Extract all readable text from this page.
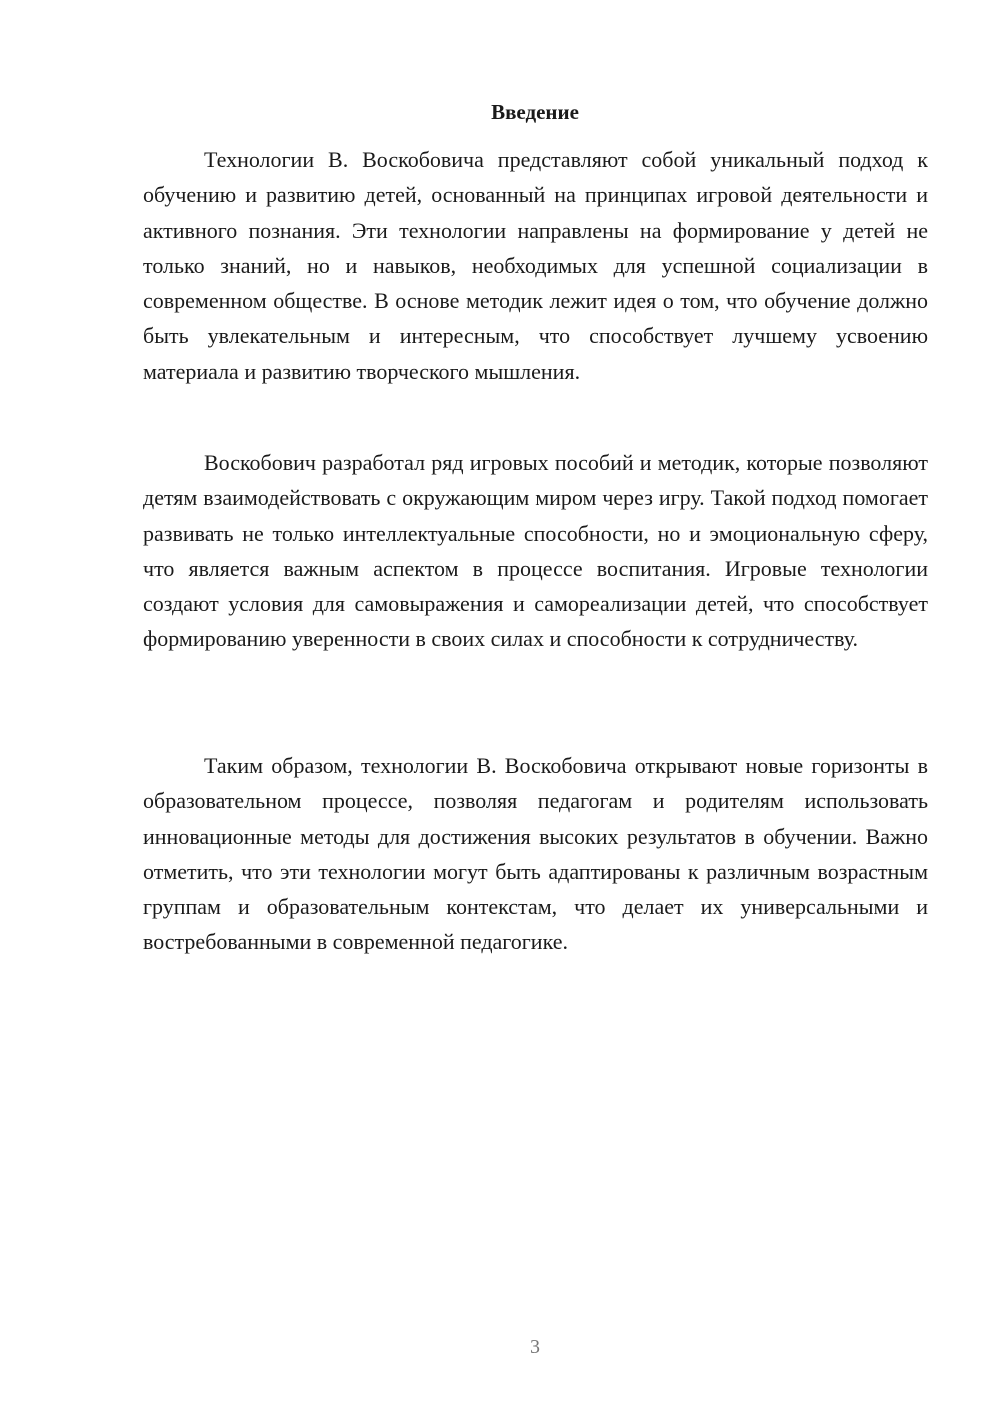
Введение

Технологии В. Воскобовича представляют собой уникальный подход к обучению и развитию детей, основанный на принципах игровой деятельности и активного познания. Эти технологии направлены на формирование у детей не только знаний, но и навыков, необходимых для успешной социализации в современном обществе. В основе методик лежит идея о том, что обучение должно быть увлекательным и интересным, что способствует лучшему усвоению материала и развитию творческого мышления.

Воскобович разработал ряд игровых пособий и методик, которые позволяют детям взаимодействовать с окружающим миром через игру. Такой подход помогает развивать не только интеллектуальные способности, но и эмоциональную сферу, что является важным аспектом в процессе воспитания. Игровые технологии создают условия для самовыражения и самореализации детей, что способствует формированию уверенности в своих силах и способности к сотрудничеству.

Таким образом, технологии В. Воскобовича открывают новые горизонты в образовательном процессе, позволяя педагогам и родителям использовать инновационные методы для достижения высоких результатов в обучении. Важно отметить, что эти технологии могут быть адаптированы к различным возрастным группам и образовательным контекстам, что делает их универсальными и востребованными в современной педагогике.

3
